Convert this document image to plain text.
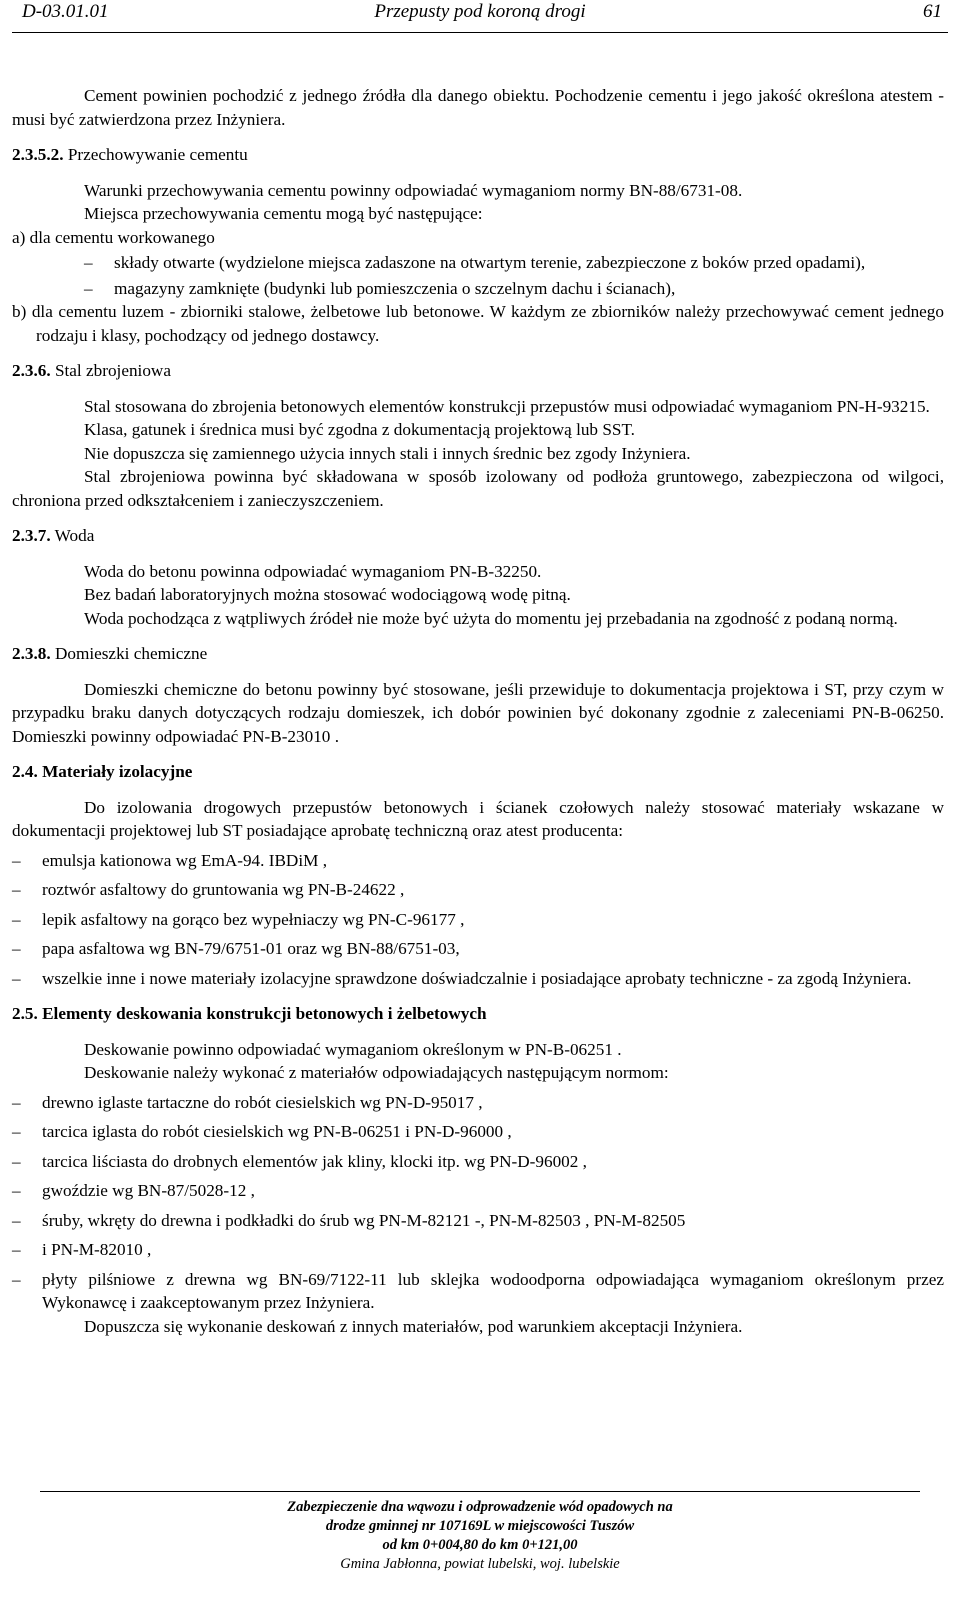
D-03.01.01	Przepusty pod koroną drogi	61

Cement powinien pochodzić z jednego źródła dla danego obiektu. Pochodzenie cementu i jego jakość określona atestem - musi być zatwierdzona przez Inżyniera.

2.3.5.2. Przechowywanie cementu

Warunki przechowywania cementu powinny odpowiadać wymaganiom normy BN-88/6731-08.

Miejsca przechowywania cementu mogą być następujące:

a) dla cementu workowanego

– składy otwarte (wydzielone miejsca zadaszone na otwartym terenie, zabezpieczone z boków przed opadami),
– magazyny zamknięte (budynki lub pomieszczenia o szczelnym dachu i ścianach),

b) dla cementu luzem - zbiorniki stalowe, żelbetowe lub betonowe. W każdym ze zbiorników należy przechowywać cement jednego rodzaju i klasy, pochodzący od jednego dostawcy.

2.3.6. Stal zbrojeniowa

Stal stosowana do zbrojenia betonowych elementów konstrukcji przepustów musi odpowiadać wymaganiom PN-H-93215.

Klasa, gatunek i średnica musi być zgodna z dokumentacją projektową lub SST.

Nie dopuszcza się zamiennego użycia innych stali i innych średnic bez zgody Inżyniera.

Stal zbrojeniowa powinna być składowana w sposób izolowany od podłoża gruntowego, zabezpieczona od wilgoci, chroniona przed odkształceniem i zanieczyszczeniem.

2.3.7. Woda

Woda do betonu powinna odpowiadać wymaganiom PN-B-32250.

Bez badań laboratoryjnych można stosować wodociągową wodę pitną.

Woda pochodząca z wątpliwych źródeł nie może być użyta do momentu jej przebadania na zgodność z podaną normą.

2.3.8. Domieszki chemiczne

Domieszki chemiczne do betonu powinny być stosowane, jeśli przewiduje to dokumentacja projektowa i ST, przy czym w przypadku braku danych dotyczących rodzaju domieszek, ich dobór powinien być dokonany zgodnie z zaleceniami PN-B-06250. Domieszki powinny odpowiadać PN-B-23010 .

2.4. Materiały izolacyjne

Do izolowania drogowych przepustów betonowych i ścianek czołowych należy stosować materiały wskazane w dokumentacji projektowej lub ST posiadające aprobatę techniczną oraz atest producenta:

– emulsja kationowa wg EmA-94. IBDiM ,
– roztwór asfaltowy do gruntowania wg PN-B-24622 ,
– lepik asfaltowy na gorąco bez wypełniaczy wg PN-C-96177 ,
– papa asfaltowa wg BN-79/6751-01 oraz wg BN-88/6751-03,
– wszelkie inne i nowe materiały izolacyjne sprawdzone doświadczalnie i posiadające aprobaty techniczne - za zgodą Inżyniera.

2.5. Elementy deskowania konstrukcji betonowych i żelbetowych

Deskowanie powinno odpowiadać wymaganiom określonym w PN-B-06251 .

Deskowanie należy wykonać z materiałów odpowiadających następującym normom:

– drewno iglaste tartaczne do robót ciesielskich wg PN-D-95017 ,
– tarcica iglasta do robót ciesielskich wg PN-B-06251 i PN-D-96000 ,
– tarcica liściasta do drobnych elementów jak kliny, klocki itp. wg PN-D-96002 ,
– gwoździe wg BN-87/5028-12 ,
– śruby, wkręty do drewna i podkładki do śrub wg PN-M-82121 -, PN-M-82503 , PN-M-82505
– i PN-M-82010 ,
– płyty pilśniowe z drewna wg BN-69/7122-11 lub sklejka wodoodporna odpowiadająca wymaganiom określonym przez Wykonawcę i zaakceptowanym przez Inżyniera.

Dopuszcza się wykonanie deskowań z innych materiałów, pod warunkiem akceptacji Inżyniera.

Zabezpieczenie dna wąwozu i odprowadzenie wód opadowych na
drodze gminnej nr 107169L w miejscowości Tuszów
od km 0+004,80 do km 0+121,00
Gmina Jabłonna, powiat lubelski, woj. lubelskie
